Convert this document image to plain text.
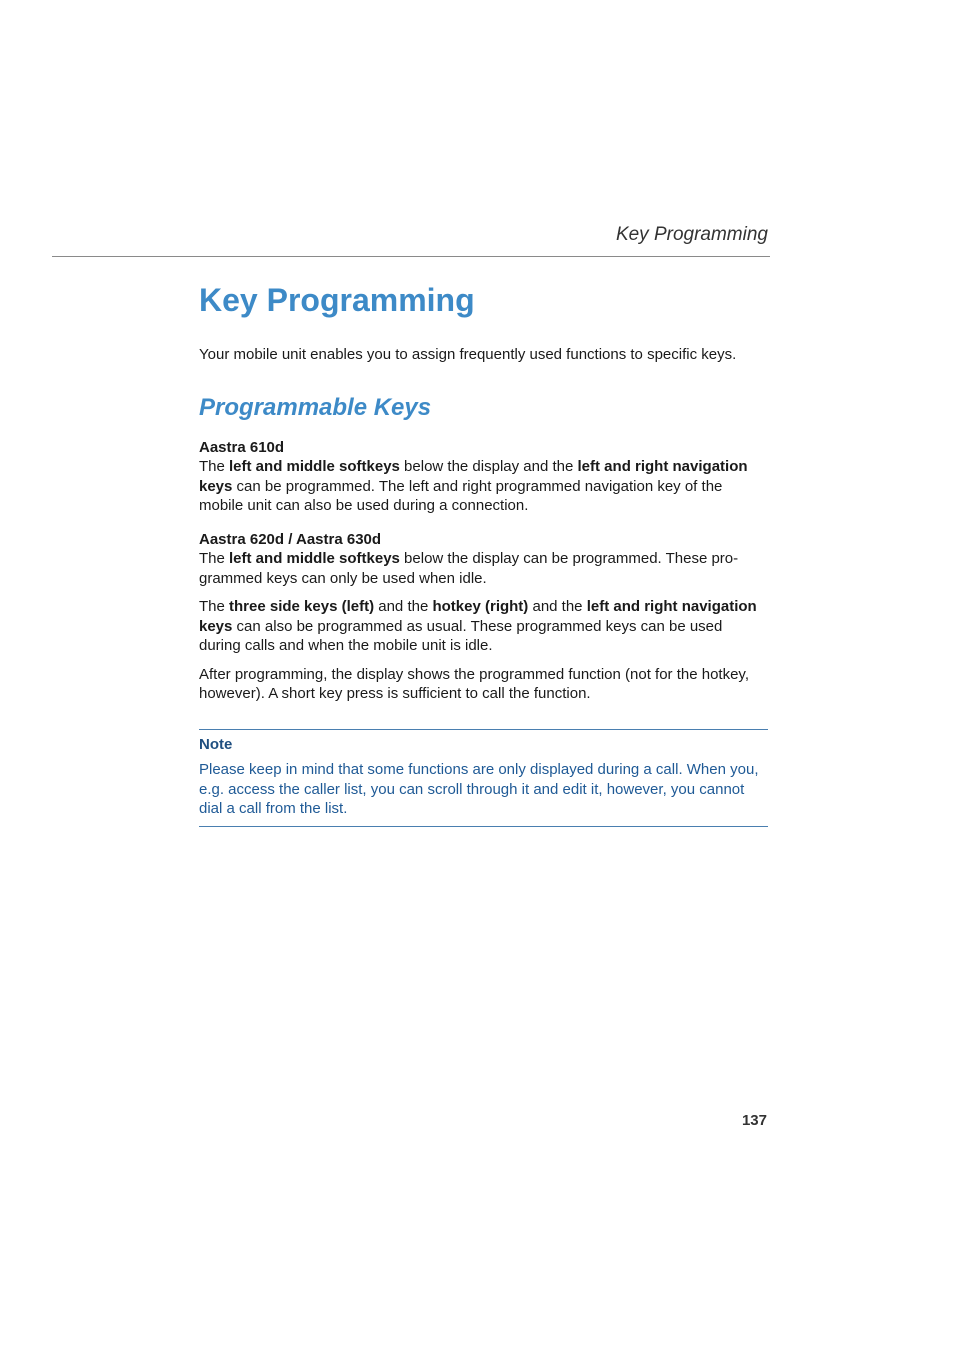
Key Programming
Key Programming

Your mobile unit enables you to assign frequently used functions to specific keys.

Programmable Keys

Aastra 610d

The left and middle softkeys below the display and the left and right navigation keys can be programmed. The left and right programmed navigation key of the mobile unit can also be used during a connection.

Aastra 620d / Aastra 630d

The left and middle softkeys below the display can be programmed. These pro-grammed keys can only be used when idle.

The three side keys (left) and the hotkey (right) and the left and right navigation keys can also be programmed as usual. These programmed keys can be used during calls and when the mobile unit is idle.

After programming, the display shows the programmed function (not for the hotkey, however). A short key press is sufficient to call the function.

Note

Please keep in mind that some functions are only displayed during a call. When you, e.g. access the caller list, you can scroll through it and edit it, however, you cannot dial a call from the list.

137
